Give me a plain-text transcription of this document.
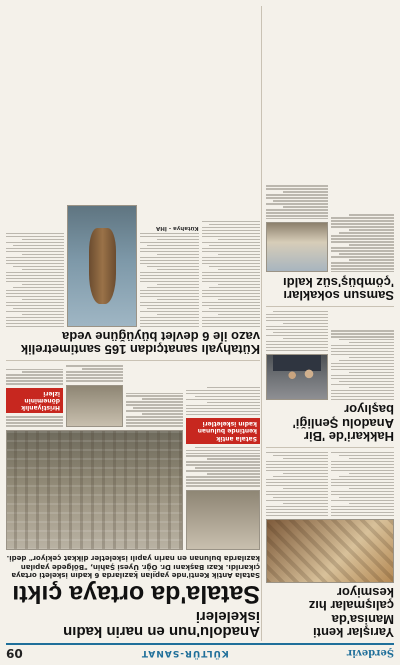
Şerdevir
KÜLTÜR-SANAT
09
Anadolu'nun en narin kadın iskeleleri
Satala'da ortaya çıktı
Satala Antik Kenti'nde yapılan kazılarda 6 kadın iskeleti ortaya çıkarıldı. Kazı Başkanı Dr. Öğr. Üyesi Şahin, "Bölgede yapılan kazılarda bulunan en narin yapılı iskeletler dikkat çekiyor" dedi.
Satala antik kentinde bulunan kadın iskeletleri
Hristiyanlık döneminin izleri
Kütahyalı sanatçıdan 165 santimetrelik vazo ile 6 devlet büyüğüne veda
Kütahya - İHA
Yarışlar kenti Manisa'da çalışmalar hız kesmiyor
Hakkari'de 'Bir Anadolu Şenliği' başlıyor
Samsun sokakları 'çömbüş'süz kaldı
